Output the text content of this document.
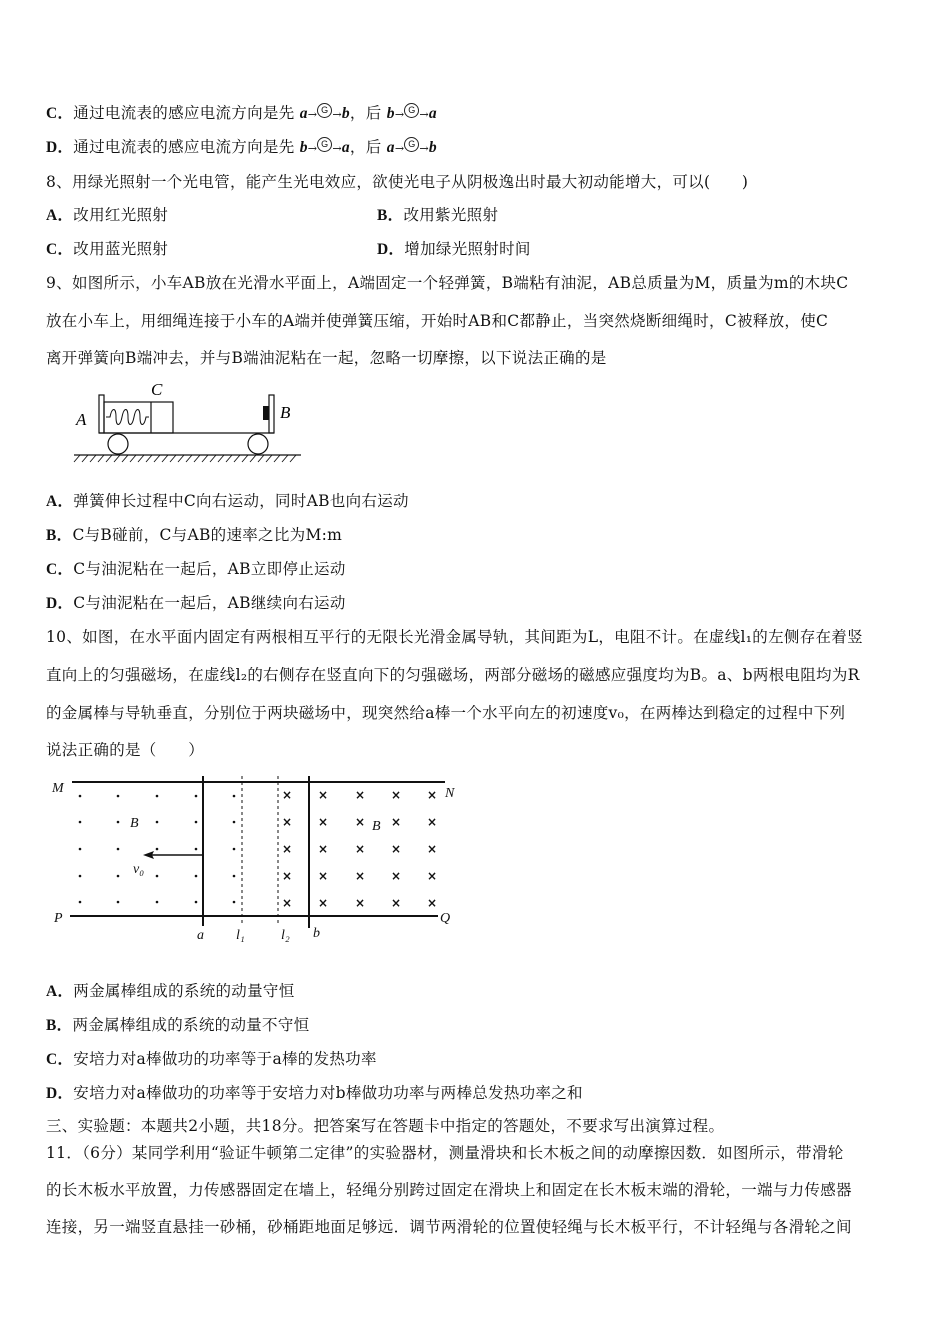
C．通过电流表的感应电流方向是先 a→ G →b，后 b→ G →a
D．通过电流表的感应电流方向是先 b→ G →a，后 a→ G →b
8、用绿光照射一个光电管，能产生光电效应，欲使光电子从阴极逸出时最大初动能增大，可以(　　)
A．改用红光照射	B．改用紫光照射
C．改用蓝光照射	D．增加绿光照射时间
9、如图所示，小车AB放在光滑水平面上，A端固定一个轻弹簧，B端粘有油泥，AB总质量为M，质量为m的木块C
放在小车上，用细绳连接于小车的A端并使弹簧压缩，开始时AB和C都静止，当突然烧断细绳时，C被释放，使C
离开弹簧向B端冲去，并与B端油泥粘在一起，忽略一切摩擦，以下说法正确的是
A
C
B
A．弹簧伸长过程中C向右运动，同时AB也向右运动
B．C与B碰前，C与AB的速率之比为M:m
C．C与油泥粘在一起后，AB立即停止运动
D．C与油泥粘在一起后，AB继续向右运动
10、如图，在水平面内固定有两根相互平行的无限长光滑金属导轨，其间距为L，电阻不计。在虚线l₁的左侧存在着竖
直向上的匀强磁场，在虚线l₂的右侧存在竖直向下的匀强磁场，两部分磁场的磁感应强度均为B。a、b两根电阻均为R
的金属棒与导轨垂直，分别位于两块磁场中，现突然给a棒一个水平向左的初速度v₀，在两棒达到稳定的过程中下列
说法正确的是（　　）
× × × × ×
× × × × ×
× × × × ×
× × × × ×
× × × × ×
M	N
P	Q
B	B
v₀
a l₁	l₂ b
A．两金属棒组成的系统的动量守恒
B．两金属棒组成的系统的动量不守恒
C．安培力对a棒做功的功率等于a棒的发热功率
D．安培力对a棒做功的功率等于安培力对b棒做功功率与两棒总发热功率之和
三、实验题：本题共2小题，共18分。把答案写在答题卡中指定的答题处，不要求写出演算过程。
11．（6分）某同学利用“验证牛顿第二定律”的实验器材，测量滑块和长木板之间的动摩擦因数．如图所示，带滑轮
的长木板水平放置，力传感器固定在墙上，轻绳分别跨过固定在滑块上和固定在长木板末端的滑轮，一端与力传感器
连接，另一端竖直悬挂一砂桶，砂桶距地面足够远．调节两滑轮的位置使轻绳与长木板平行，不计轻绳与各滑轮之间
